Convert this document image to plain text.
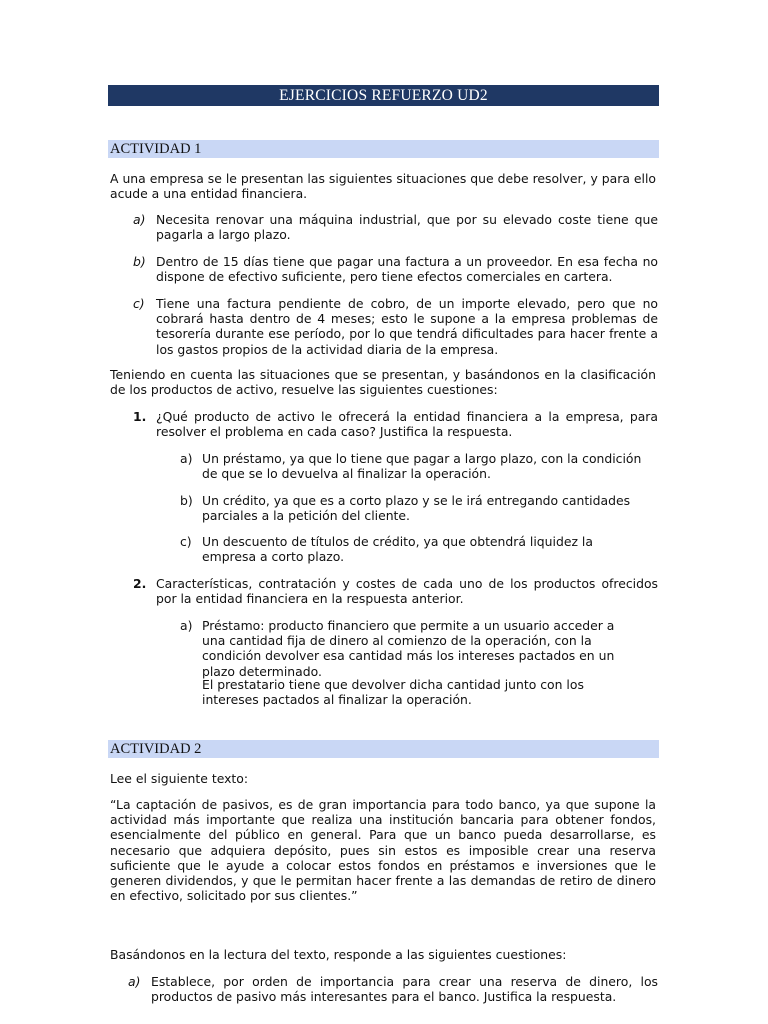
EJERCICIOS REFUERZO UD2
ACTIVIDAD 1

A una empresa se le presentan las siguientes situaciones que debe resolver, y para ello acude a una entidad financiera.

a) Necesita renovar una máquina industrial, que por su elevado coste tiene que pagarla a largo plazo.

b) Dentro de 15 días tiene que pagar una factura a un proveedor. En esa fecha no dispone de efectivo suficiente, pero tiene efectos comerciales en cartera.

c) Tiene una factura pendiente de cobro, de un importe elevado, pero que no cobrará hasta dentro de 4 meses; esto le supone a la empresa problemas de tesorería durante ese período, por lo que tendrá dificultades para hacer frente a los gastos propios de la actividad diaria de la empresa.

Teniendo en cuenta las situaciones que se presentan, y basándonos en la clasificación de los productos de activo, resuelve las siguientes cuestiones:

1. ¿Qué producto de activo le ofrecerá la entidad financiera a la empresa, para resolver el problema en cada caso? Justifica la respuesta.

a) Un préstamo, ya que lo tiene que pagar a largo plazo, con la condición de que se lo devuelva al finalizar la operación.

b) Un crédito, ya que es a corto plazo y se le irá entregando cantidades parciales a la petición del cliente.

c) Un descuento de títulos de crédito, ya que obtendrá liquidez la empresa a corto plazo.

2. Características, contratación y costes de cada uno de los productos ofrecidos por la entidad financiera en la respuesta anterior.

a) Préstamo: producto financiero que permite a un usuario acceder a una cantidad fija de dinero al comienzo de la operación, con la condición devolver esa cantidad más los intereses pactados en un plazo determinado.

El prestatario tiene que devolver dicha cantidad junto con los intereses pactados al finalizar la operación.

ACTIVIDAD 2

Lee el siguiente texto:

“La captación de pasivos, es de gran importancia para todo banco, ya que supone la actividad más importante que realiza una institución bancaria para obtener fondos, esencialmente del público en general. Para que un banco pueda desarrollarse, es necesario que adquiera depósito, pues sin estos es imposible crear una reserva suficiente que le ayude a colocar estos fondos en préstamos e inversiones que le generen dividendos, y que le permitan hacer frente a las demandas de retiro de dinero en efectivo, solicitado por sus clientes.”

Basándonos en la lectura del texto, responde a las siguientes cuestiones:

a) Establece, por orden de importancia para crear una reserva de dinero, los productos de pasivo más interesantes para el banco. Justifica la respuesta.
